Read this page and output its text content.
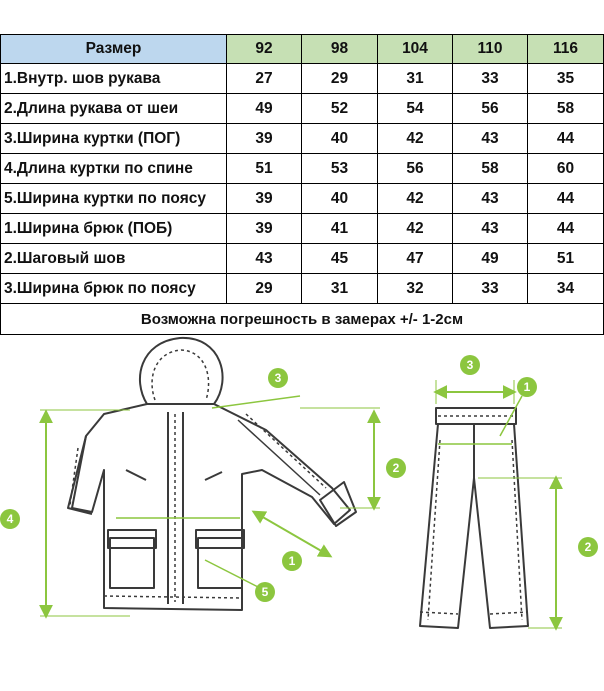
Размер	92	98	104	110	116
1.Внутр. шов рукава	27	29	31	33	35
2.Длина рукава от шеи	49	52	54	56	58
3.Ширина куртки (ПОГ)	39	40	42	43	44
4.Длина куртки по спине	51	53	56	58	60
5.Ширина куртки по поясу	39	40	42	43	44
1.Ширина брюк (ПОБ)	39	41	42	43	44
2.Шаговый шов	43	45	47	49	51
3.Ширина брюк по поясу	29	31	32	33	34
Возможна погрешность в замерах +/- 1-2см					
4
3
2
1
5
3
1
2
